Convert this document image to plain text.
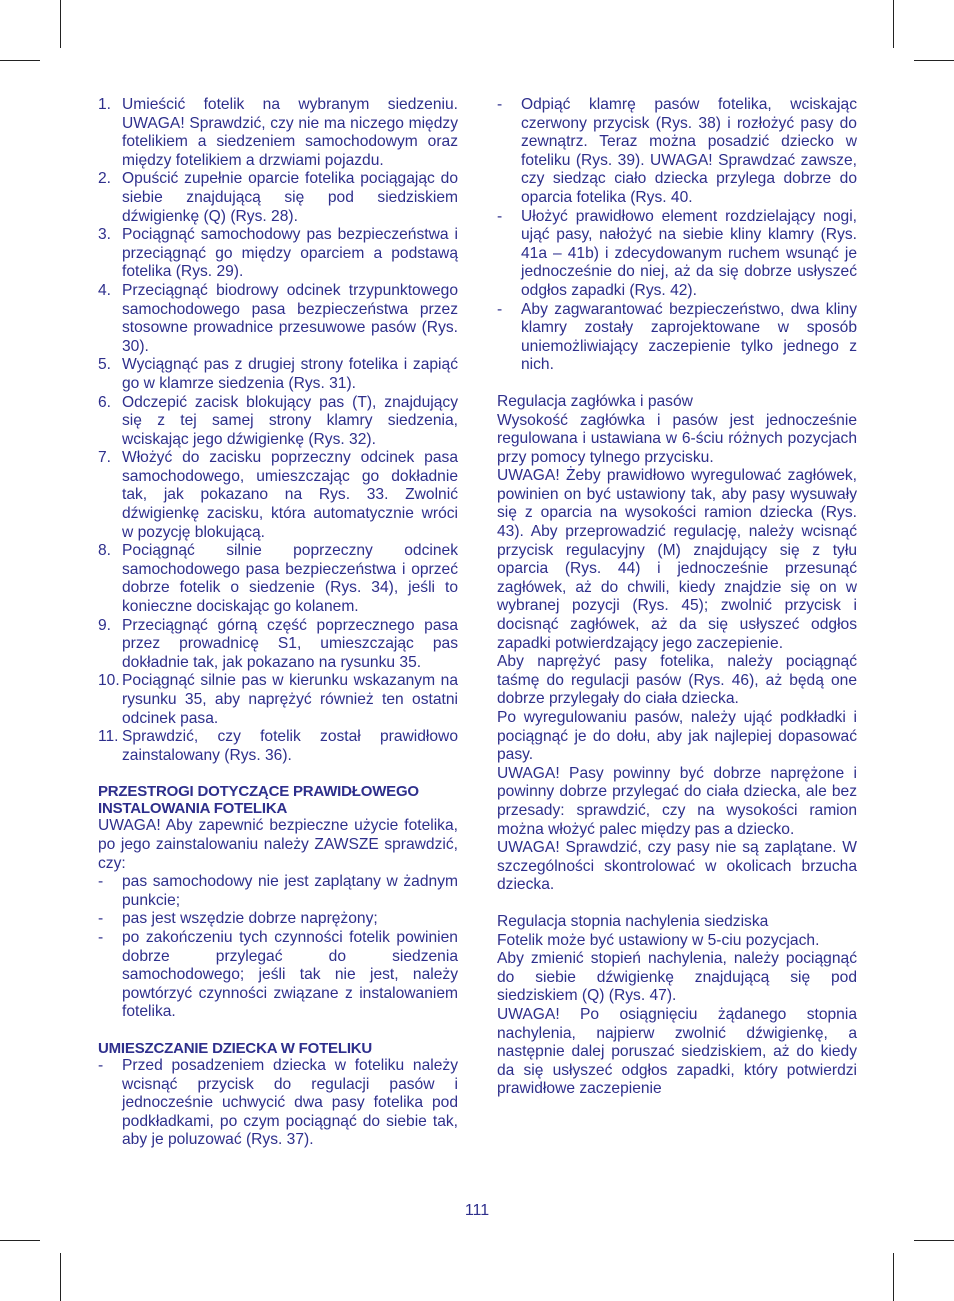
1. Umieścić fotelik na wybranym siedzeniu. UWAGA! Sprawdzić, czy nie ma niczego między fotelikiem a siedzeniem samochodowym oraz między fotelikiem a drzwiami pojazdu.
2. Opuścić zupełnie oparcie fotelika pociągając do siebie znajdującą się pod siedziskiem dźwigienkę (Q) (Rys. 28).
3. Pociągnąć samochodowy pas bezpieczeństwa i przeciągnąć go między oparciem a podstawą fotelika (Rys. 29).
4. Przeciągnąć biodrowy odcinek trzypunktowego samochodowego pasa bezpieczeństwa przez stosowne prowadnice przesuwowe pasów (Rys. 30).
5. Wyciągnąć pas z drugiej strony fotelika i zapiąć go w klamrze siedzenia (Rys. 31).
6. Odczepić zacisk blokujący pas (T), znajdujący się z tej samej strony klamry siedzenia, wciskając jego dźwigienkę (Rys. 32).
7. Włożyć do zacisku poprzeczny odcinek pasa samochodowego, umieszczając go dokładnie tak, jak pokazano na Rys. 33. Zwolnić dźwigienkę zacisku, która automatycznie wróci w pozycję blokującą.
8. Pociągnąć silnie poprzeczny odcinek samochodowego pasa bezpieczeństwa i oprzeć dobrze fotelik o siedzenie (Rys. 34), jeśli to konieczne dociskając go kolanem.
9. Przeciągnąć górną część poprzecznego pasa przez prowadnicę S1, umieszczając pas dokładnie tak, jak pokazano na rysunku 35.
10. Pociągnąć silnie pas w kierunku wskazanym na rysunku 35, aby naprężyć również ten ostatni odcinek pasa.
11. Sprawdzić, czy fotelik został prawidłowo zainstalowany (Rys. 36).

PRZESTROGI DOTYCZĄCE PRAWIDŁOWEGO INSTALOWANIA FOTELIKA

UWAGA! Aby zapewnić bezpieczne użycie fotelika, po jego zainstalowaniu należy ZAWSZE sprawdzić, czy:

-	pas samochodowy nie jest zaplątany w żadnym punkcie;
-	pas jest wszędzie dobrze naprężony;
-	po zakończeniu tych czynności fotelik powinien dobrze przylegać do siedzenia samochodowego; jeśli tak nie jest, należy powtórzyć czynności związane z instalowaniem fotelika.

UMIESZCZANIE DZIECKA W FOTELIKU

-	Przed posadzeniem dziecka w foteliku należy wcisnąć przycisk do regulacji pasów i jednocześnie uchwycić dwa pasy fotelika pod podkładkami, po czym pociągnąć do siebie tak, aby je poluzować (Rys. 37).
-	Odpiąć klamrę pasów fotelika, wciskając czerwony przycisk (Rys. 38) i rozłożyć pasy do zewnątrz. Teraz można posadzić dziecko w foteliku (Rys. 39). UWAGA! Sprawdzać zawsze, czy siedząc ciało dziecka przylega dobrze do oparcia fotelika (Rys. 40.
-	Ułożyć prawidłowo element rozdzielający nogi, ująć pasy, nałożyć na siebie kliny klamry (Rys. 41a – 41b) i zdecydowanym ruchem wsunąć je jednocześnie do niej, aż da się dobrze usłyszeć odgłos zapadki (Rys. 42).
-	Aby zagwarantować bezpieczeństwo, dwa kliny klamry zostały zaprojektowane w sposób uniemożliwiający zaczepienie tylko jednego z nich.

Regulacja zagłówka i pasów

Wysokość zagłówka i pasów jest jednocześnie regulowana i ustawiana w 6-ściu różnych pozycjach przy pomocy tylnego przycisku.

UWAGA! Żeby prawidłowo wyregulować zagłówek, powinien on być ustawiony tak, aby pasy wysuwały się z oparcia na wysokości ramion dziecka (Rys. 43). Aby przeprowadzić regulację, należy wcisnąć przycisk regulacyjny (M) znajdujący się z tyłu oparcia (Rys. 44) i jednocześnie przesunąć zagłówek, aż do chwili, kiedy znajdzie się on w wybranej pozycji (Rys. 45); zwolnić przycisk i docisnąć zagłówek, aż da się usłyszeć odgłos zapadki potwierdzający jego zaczepienie.

Aby naprężyć pasy fotelika, należy pociągnąć taśmę do regulacji pasów (Rys. 46), aż będą one dobrze przylegały do ciała dziecka.

Po wyregulowaniu pasów, należy ująć podkładki i pociągnąć je do dołu, aby jak najlepiej dopasować pasy.

UWAGA! Pasy powinny być dobrze naprężone i powinny dobrze przylegać do ciała dziecka, ale bez przesady: sprawdzić, czy na wysokości ramion można włożyć palec między pas a dziecko.

UWAGA! Sprawdzić, czy pasy nie są zaplątane. W szczególności skontrolować w okolicach brzucha dziecka.

Regulacja stopnia nachylenia siedziska

Fotelik może być ustawiony w 5-ciu pozycjach.

Aby zmienić stopień nachylenia, należy pociągnąć do siebie dźwigienkę znajdującą się pod siedziskiem (Q) (Rys. 47).

UWAGA! Po osiągnięciu żądanego stopnia nachylenia, najpierw zwolnić dźwigienkę, a następnie dalej poruszać siedziskiem, aż do kiedy da się usłyszeć odgłos zapadki, który potwierdzi prawidłowe zaczepienie

111
